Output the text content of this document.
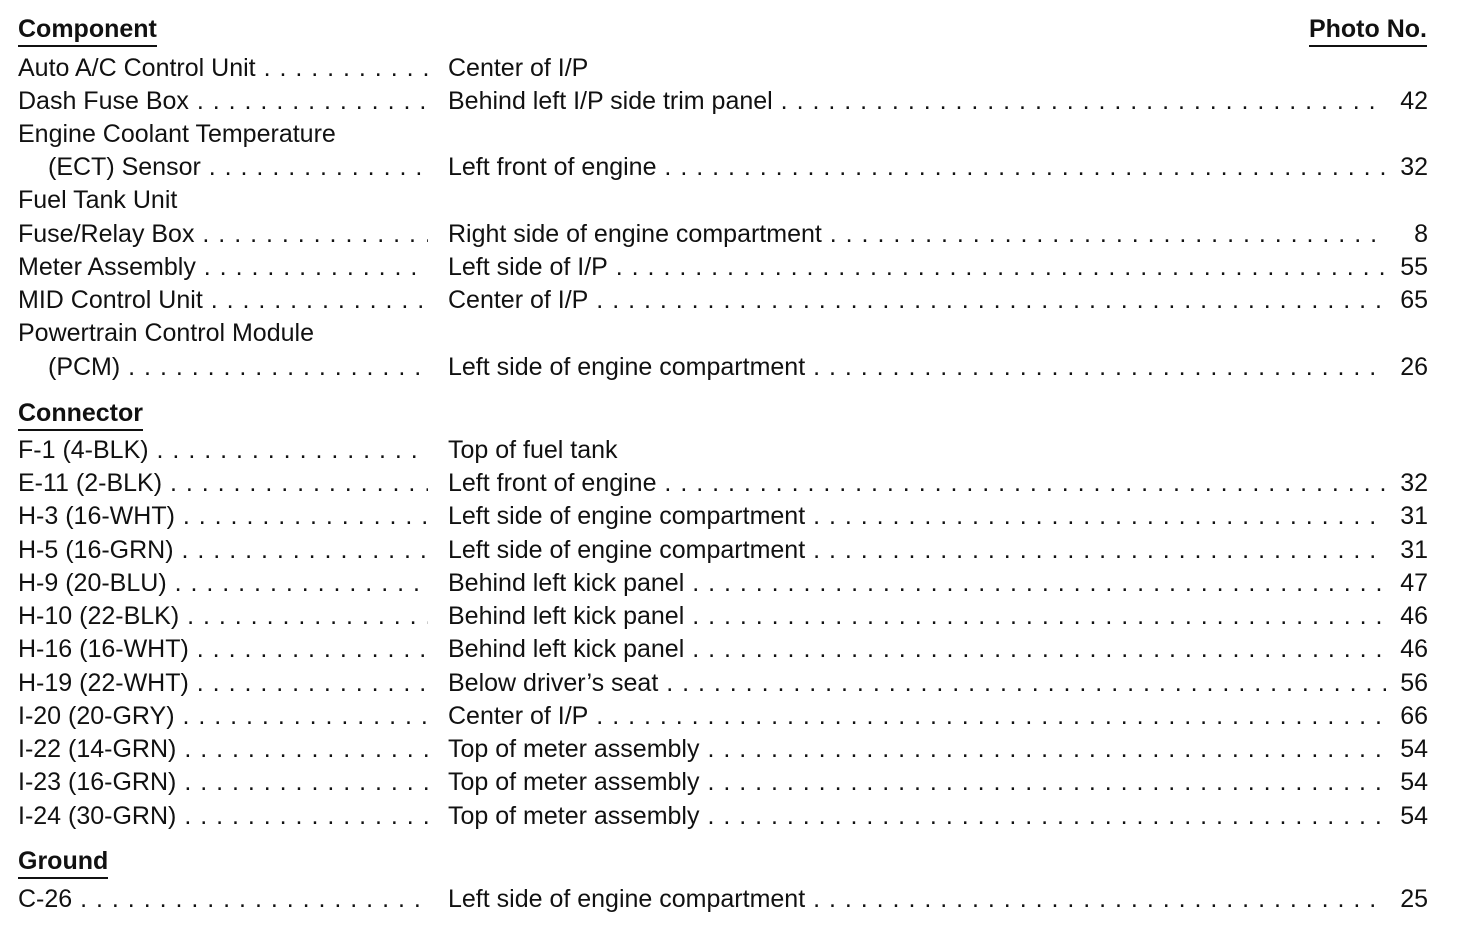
Component	Photo No.
Auto A/C Control Unit . . .	Center of I/P
Dash Fuse Box . . .	Behind left I/P side trim panel . . .	42
Engine Coolant Temperature
(ECT) Sensor . . .	Left front of engine . . .	32
Fuel Tank Unit
Fuse/Relay Box . . .	Right side of engine compartment . . .	8
Meter Assembly . . .	Left side of I/P . . .	55
MID Control Unit . . .	Center of I/P . . .	65
Powertrain Control Module
(PCM) . . .	Left side of engine compartment . . .	26
Connector
F-1 (4-BLK) . . .	Top of fuel tank
E-11 (2-BLK) . . .	Left front of engine . . .	32
H-3 (16-WHT) . . .	Left side of engine compartment . . .	31
H-5 (16-GRN) . . .	Left side of engine compartment . . .	31
H-9 (20-BLU) . . .	Behind left kick panel . . .	47
H-10 (22-BLK) . . .	Behind left kick panel . . .	46
H-16 (16-WHT) . . .	Behind left kick panel . . .	46
H-19 (22-WHT) . . .	Below driver’s seat . . .	56
I-20 (20-GRY) . . .	Center of I/P . . .	66
I-22 (14-GRN) . . .	Top of meter assembly . . .	54
I-23 (16-GRN) . . .	Top of meter assembly . . .	54
I-24 (30-GRN) . . .	Top of meter assembly . . .	54
Ground
C-26 . . .	Left side of engine compartment . . .	25
